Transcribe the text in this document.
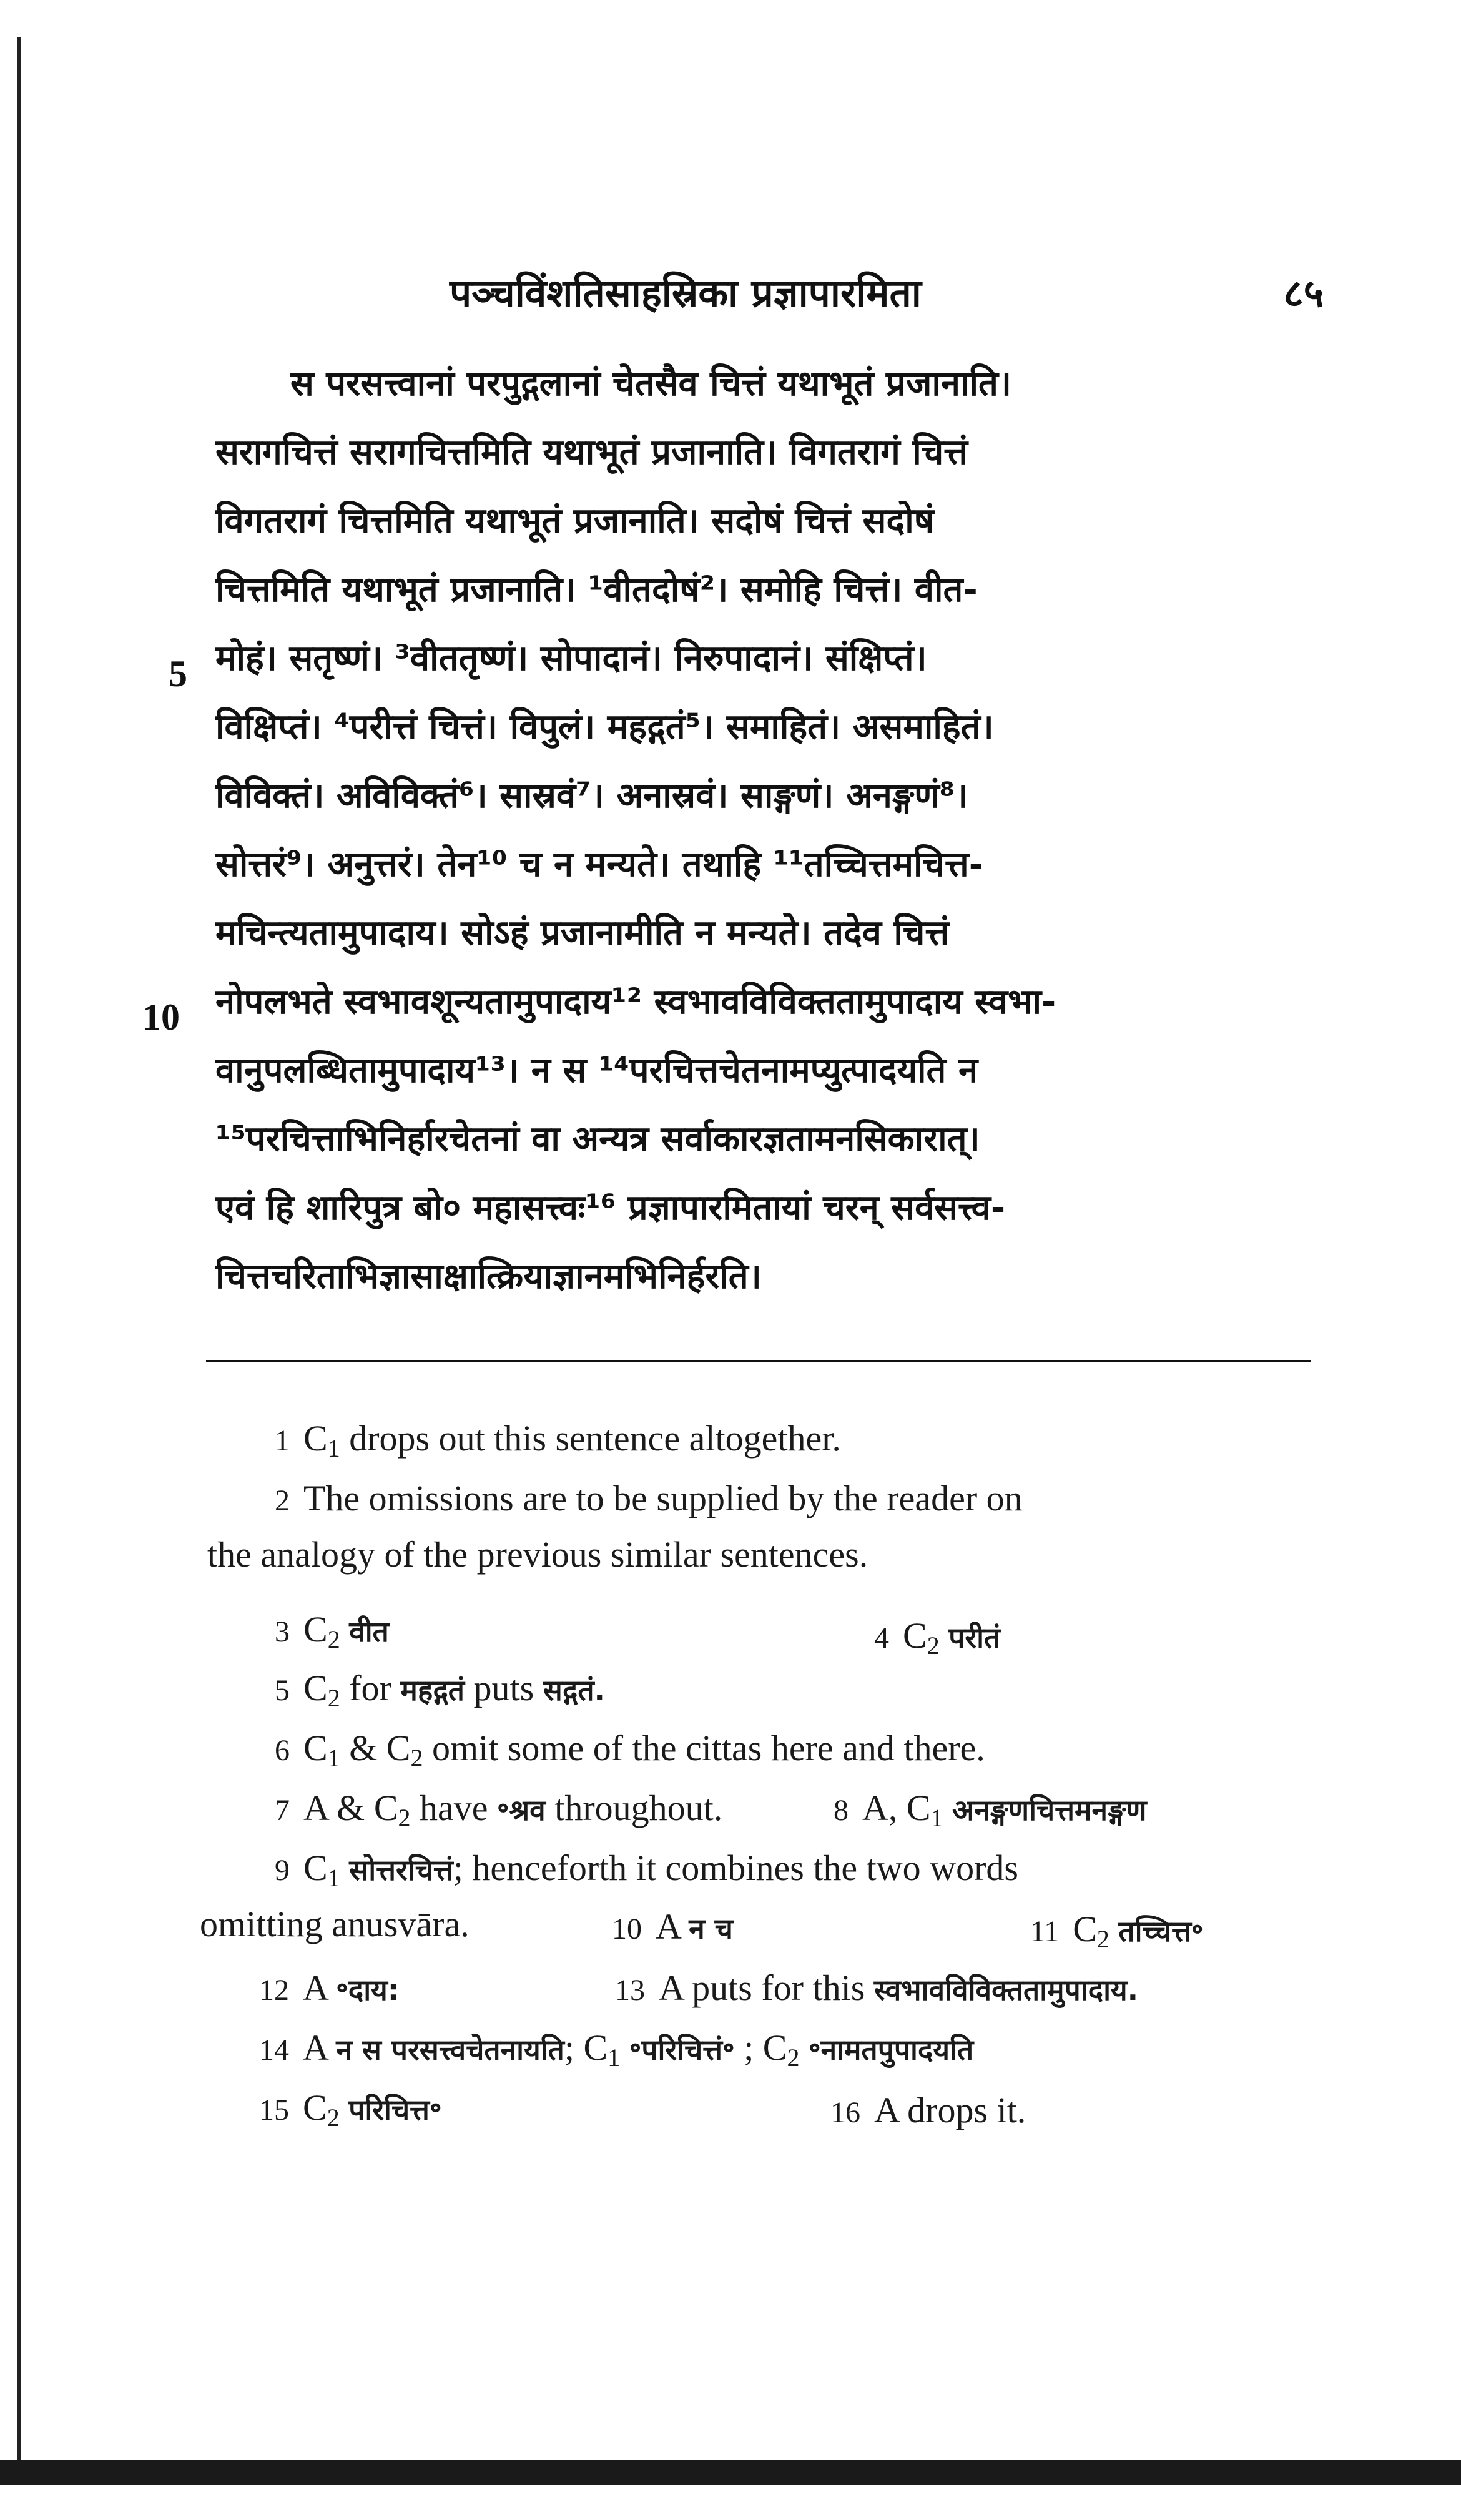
पञ्चविंशतिसाहस्रिका प्रज्ञापारमिता	८५
स परसत्त्वानां परपुद्गलानां चेतसैव चित्तं यथाभूतं प्रजानाति।
सरागचित्तं सरागचित्तमिति यथाभूतं प्रजानाति। विगतरागं चित्तं
विगतरागं चित्तमिति यथाभूतं प्रजानाति। सदोषं चित्तं सदोषं
चित्तमिति यथाभूतं प्रजानाति। ¹वीतदोषं²। समोहि चित्तं। वीत-
मोहं। सतृष्णं। ³वीततृष्णं। सोपादानं। निरुपादानं। संक्षिप्तं।
विक्षिप्तं। ⁴परीत्तं चित्तं। विपुलं। महद्गतं⁵। समाहितं। असमाहितं।
विविक्तं। अविविक्तं⁶। सास्रवं⁷। अनास्रवं। साङ्गणं। अनङ्गणं⁸।
सोत्तरं⁹। अनुत्तरं। तेन¹⁰ च न मन्यते। तथाहि ¹¹तच्चित्तमचित्त-
मचिन्त्यतामुपादाय। सोऽहं प्रजानामीति न मन्यते। तदेव चित्तं
नोपलभते स्वभावशून्यतामुपादाय¹² स्वभावविविक्ततामुपादाय स्वभा-
वानुपलब्धितामुपादाय¹³। न स ¹⁴परचित्तचेतनामप्युत्पादयति न
¹⁵परचित्ताभिनिर्हारचेतनां वा अन्यत्र सर्वाकारज्ञतामनसिकारात्।
एवं हि शारिपुत्र बो० महासत्त्वः¹⁶ प्रज्ञापारमितायां चरन् सर्वसत्त्व-
चित्तचरिताभिज्ञासाक्षात्क्रियाज्ञानमभिनिर्हरति।
5
10
1 $C_1$ drops out this sentence altogether.
2 The omissions are to be supplied by the reader on
the analogy of the previous similar sentences.
3 $C_2$ वीत	4 $C_2$ परीतं
5 $C_2$ for महद्गतं puts सद्गतं.
6 $C_1$ & $C_2$ omit some of the cittas here and there.
7 A & $C_2$ have ॰श्रव throughout.	8 A, $C_1$ अनङ्गणचित्तमनङ्गण
9 $C_1$ सोत्तरचित्तं; henceforth it combines the two words
omitting anusvāra.	10 A न च	11 $C_2$ तच्चित्त॰
12 A ॰दाय:	13 A puts for this स्वभावविविक्ततामुपादाय.
14 A न स परसत्त्वचेतनायति; $C_1$ ॰परिचित्तं॰ ; $C_2$ ॰नामतपुपादयति
15 $C_2$ परिचित्त॰	16 A drops it.
